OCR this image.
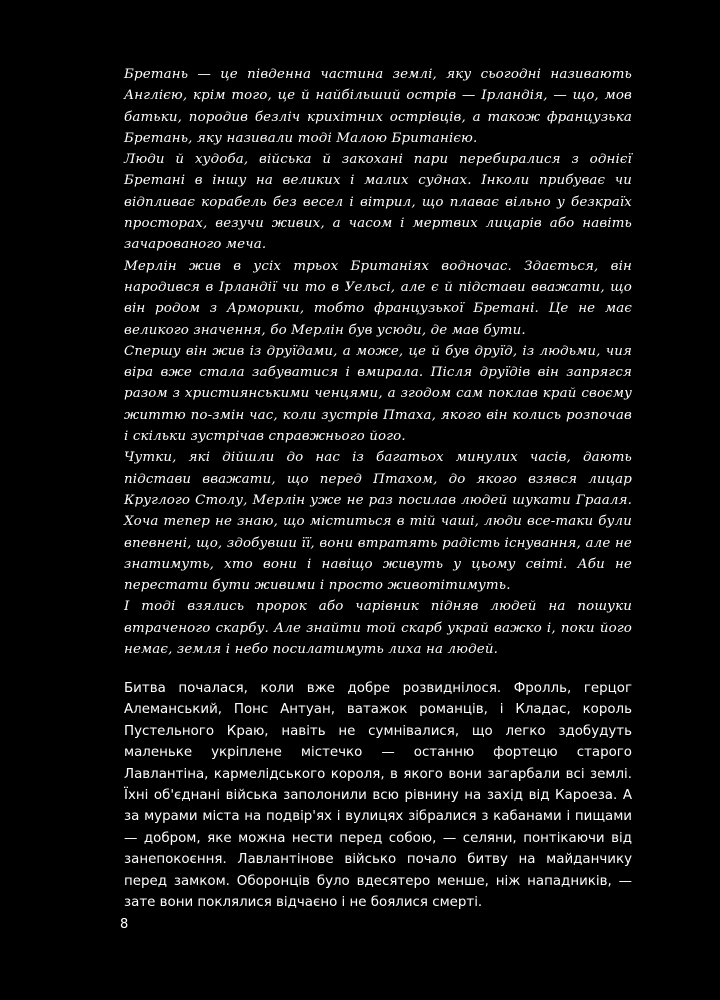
Бретань — це південна частина землі, яку сьогодні називають Англією, крім того, це й найбільший острів — Ірландія, — що, мов батьки, породив безліч крихітних острівців, а також французька Бретань, яку називали тоді Малою Британією.

Люди й худоба, війська й закохані пари перебиралися з однієї Бретані в іншу на великих і малих суднах. Інколи прибуває чи відпливає корабель без весел і вітрил, що плаває вільно у безкраїх просторах, везучи живих, а часом і мертвих лицарів або навіть зачарованого меча.

Мерлін жив в усіх трьох Британіях водночас. Здається, він народився в Ірландії чи то в Уельсі, але є й підстави вважати, що він родом з Арморики, тобто французької Бретані. Це не має великого значення, бо Мерлін був усюди, де мав бути.

Спершу він жив із друїдами, а може, це й був друїд, із людьми, чия віра вже стала забуватися і вмирала. Після друїдів він запрягся разом з християнськими ченцями, а згодом сам поклав край своєму життю по-змін час, коли зустрів Птаха, якого він колись розпочав і скільки зустрічав справжнього його.

Чутки, які дійшли до нас із багатьох минулих часів, дають підстави вважати, що перед Птахом, до якого взявся лицар Круглого Столу, Мерлін уже не раз посилав людей шукати Грааля. Хоча тепер не знаю, що міститься в тій чаші, люди все-таки були впевнені, що, здобувши її, вони втратять радість існування, але не знатимуть, хто вони і навіщо живуть у цьому світі. Аби не перестати бути живими і просто животітимуть.

І тоді взялись пророк або чарівник підняв людей на пошуки втраченого скарбу. Але знайти той скарб украй важко і, поки його немає, земля і небо посилатимуть лиха на людей.

Битва почалася, коли вже добре розвиднілося. Фролль, герцог Алеманський, Понс Антуан, ватажок романців, і Кладас, король Пустельного Краю, навіть не сумнівалися, що легко здобудуть маленьке укріплене містечко — останню фортецю старого Лавлантіна, кармелідського короля, в якого вони загарбали всі землі. Їхні об'єднані війська заполонили всю рівнину на захід від Кароеза. А за мурами міста на подвір'ях і вулицях зібралися з кабанами і пищами — добром, яке можна нести перед собою, — селяни, понтікаючи від занепокоєння. Лавлантінове військо почало битву на майданчику перед замком. Оборонців було вдесятеро менше, ніж нападників, — зате вони поклялися відчаєно і не боялися смерті.

8
